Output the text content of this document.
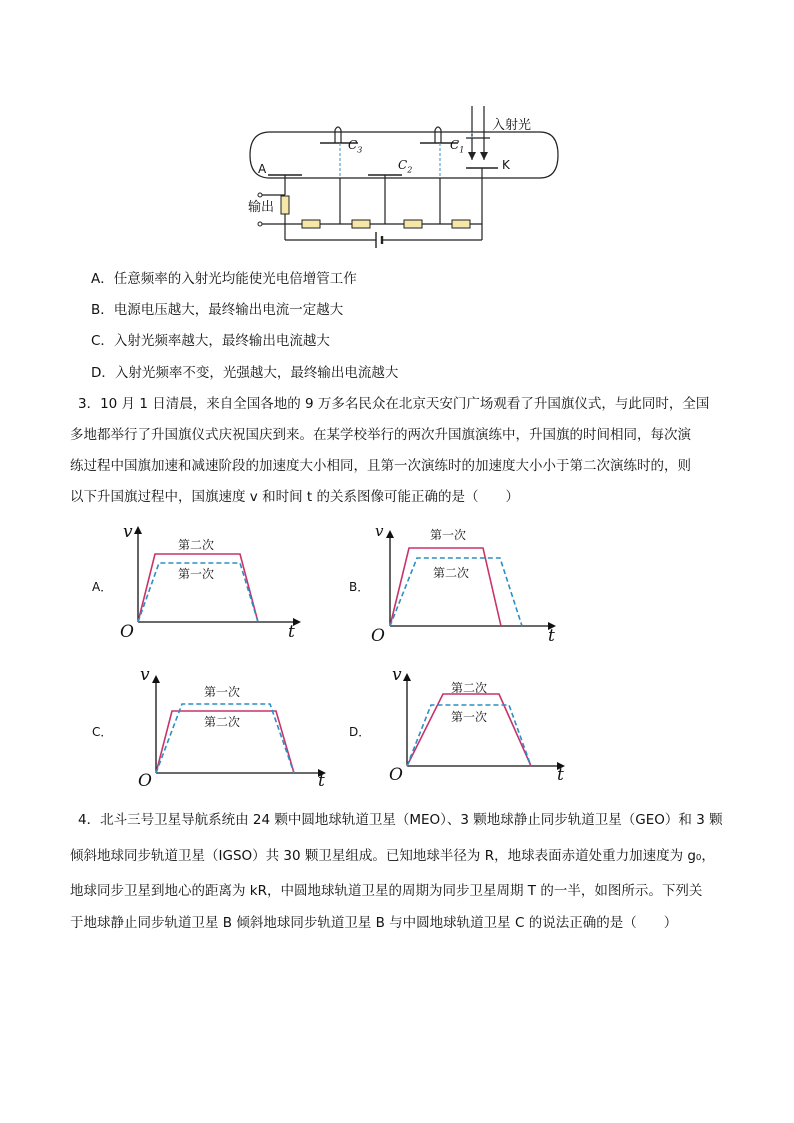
入射光
输出
A	K
$C_3$
$C_2$
$C_1$
A．任意频率的入射光均能使光电倍增管工作
B．电源电压越大，最终输出电流一定越大
C．入射光频率越大，最终输出电流越大
D．入射光频率不变，光强越大，最终输出电流越大
3．10 月 1 日清晨，来自全国各地的 9 万多名民众在北京天安门广场观看了升国旗仪式，与此同时，全国
多地都举行了升国旗仪式庆祝国庆到来。在某学校举行的两次升国旗演练中，升国旗的时间相同，每次演
练过程中国旗加速和减速阶段的加速度大小相同，且第一次演练时的加速度大小小于第二次演练时的，则
以下升国旗过程中，国旗速度 v 和时间 t 的关系图像可能正确的是（　　）
A．
v
t
O
第二次
第一次
B．
v
t
O
第一次
第二次
C．
v
t
O
第一次
第二次
D．
v
t
O
第二次
第一次
4．北斗三号卫星导航系统由 24 颗中圆地球轨道卫星（MEO）、3 颗地球静止同步轨道卫星（GEO）和 3 颗
倾斜地球同步轨道卫星（IGSO）共 30 颗卫星组成。已知地球半径为 R，地球表面赤道处重力加速度为 g₀，
地球同步卫星到地心的距离为 kR，中圆地球轨道卫星的周期为同步卫星周期 T 的一半，如图所示。下列关
于地球静止同步轨道卫星 B 倾斜地球同步轨道卫星 B 与中圆地球轨道卫星 C 的说法正确的是（　　）
